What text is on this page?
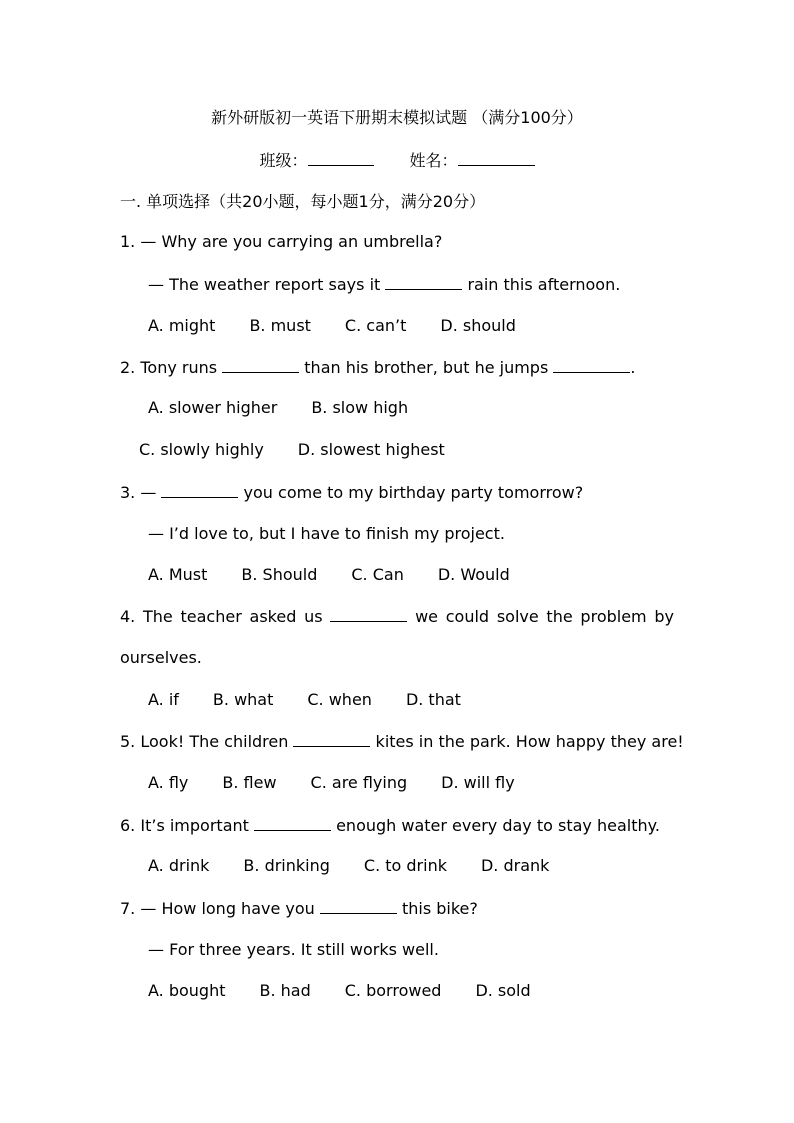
新外研版初一英语下册期末模拟试题 （满分100分）
班级：	姓名：
一. 单项选择（共20小题，每小题1分，满分20分）
1. — Why are you carrying an umbrella?
— The weather report says it	rain this afternoon.
A. might B. must C. can’t D. should
2. Tony runs	than his brother, but he jumps	.
A. slower higher B. slow high
C. slowly highly D. slowest highest
3. —	you come to my birthday party tomorrow?
— I’d love to, but I have to finish my project.
A. Must B. Should C. Can D. Would
4. The teacher asked us	we could solve the problem by
ourselves.
A. if B. what C. when D. that
5. Look! The children	kites in the park. How happy they are!
A. fly B. flew C. are flying D. will fly
6. It’s important	enough water every day to stay healthy.
A. drink B. drinking C. to drink D. drank
7. — How long have you	this bike?
— For three years. It still works well.
A. bought B. had C. borrowed D. sold
